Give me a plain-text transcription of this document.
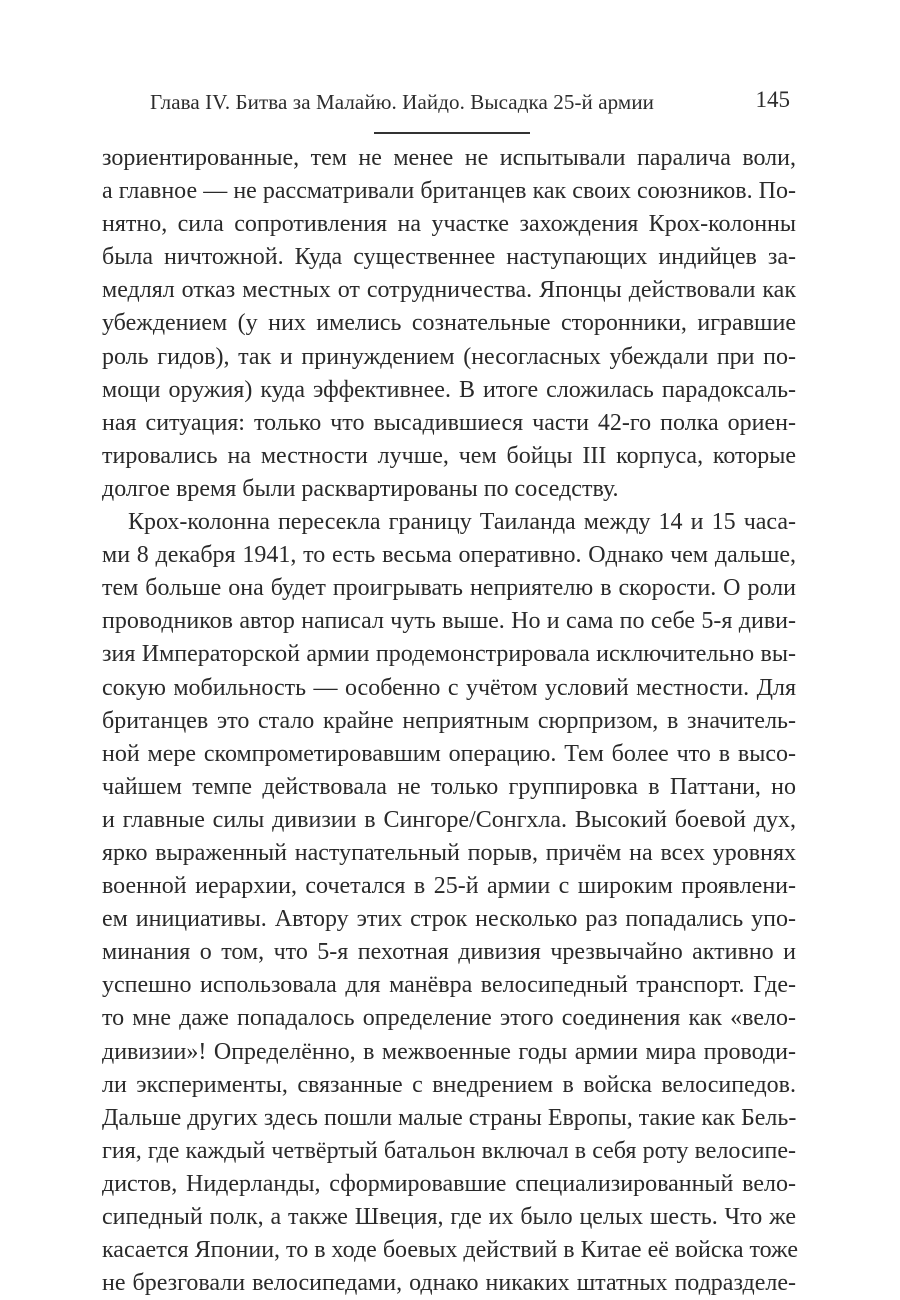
Глава IV. Битва за Малайю. Иайдо. Высадка 25-й армии	145
зориентированные, тем не менее не испытывали паралича воли,
а главное — не рассматривали британцев как своих союзников. По-
нятно, сила сопротивления на участке захождения Крох-колонны
была ничтожной. Куда существеннее наступающих индийцев за-
медлял отказ местных от сотрудничества. Японцы действовали как
убеждением (у них имелись сознательные сторонники, игравшие
роль гидов), так и принуждением (несогласных убеждали при по-
мощи оружия) куда эффективнее. В итоге сложилась парадоксаль-
ная ситуация: только что высадившиеся части 42-го полка ориен-
тировались на местности лучше, чем бойцы III корпуса, которые
долгое время были расквартированы по соседству.
Крох-колонна пересекла границу Таиланда между 14 и 15 часа-
ми 8 декабря 1941, то есть весьма оперативно. Однако чем дальше,
тем больше она будет проигрывать неприятелю в скорости. О роли
проводников автор написал чуть выше. Но и сама по себе 5-я диви-
зия Императорской армии продемонстрировала исключительно вы-
сокую мобильность — особенно с учётом условий местности. Для
британцев это стало крайне неприятным сюрпризом, в значитель-
ной мере скомпрометировавшим операцию. Тем более что в высо-
чайшем темпе действовала не только группировка в Паттани, но
и главные силы дивизии в Сингоре/Сонгхла. Высокий боевой дух,
ярко выраженный наступательный порыв, причём на всех уровнях
военной иерархии, сочетался в 25-й армии с широким проявлени-
ем инициативы. Автору этих строк несколько раз попадались упо-
минания о том, что 5-я пехотная дивизия чрезвычайно активно и
успешно использовала для манёвра велосипедный транспорт. Где-
то мне даже попадалось определение этого соединения как «вело-
дивизии»! Определённо, в межвоенные годы армии мира проводи-
ли эксперименты, связанные с внедрением в войска велосипедов.
Дальше других здесь пошли малые страны Европы, такие как Бель-
гия, где каждый четвёртый батальон включал в себя роту велосипе-
дистов, Нидерланды, сформировавшие специализированный вело-
сипедный полк, а также Швеция, где их было целых шесть. Что же
касается Японии, то в ходе боевых действий в Китае её войска тоже
не брезговали велосипедами, однако никаких штатных подразделе-
